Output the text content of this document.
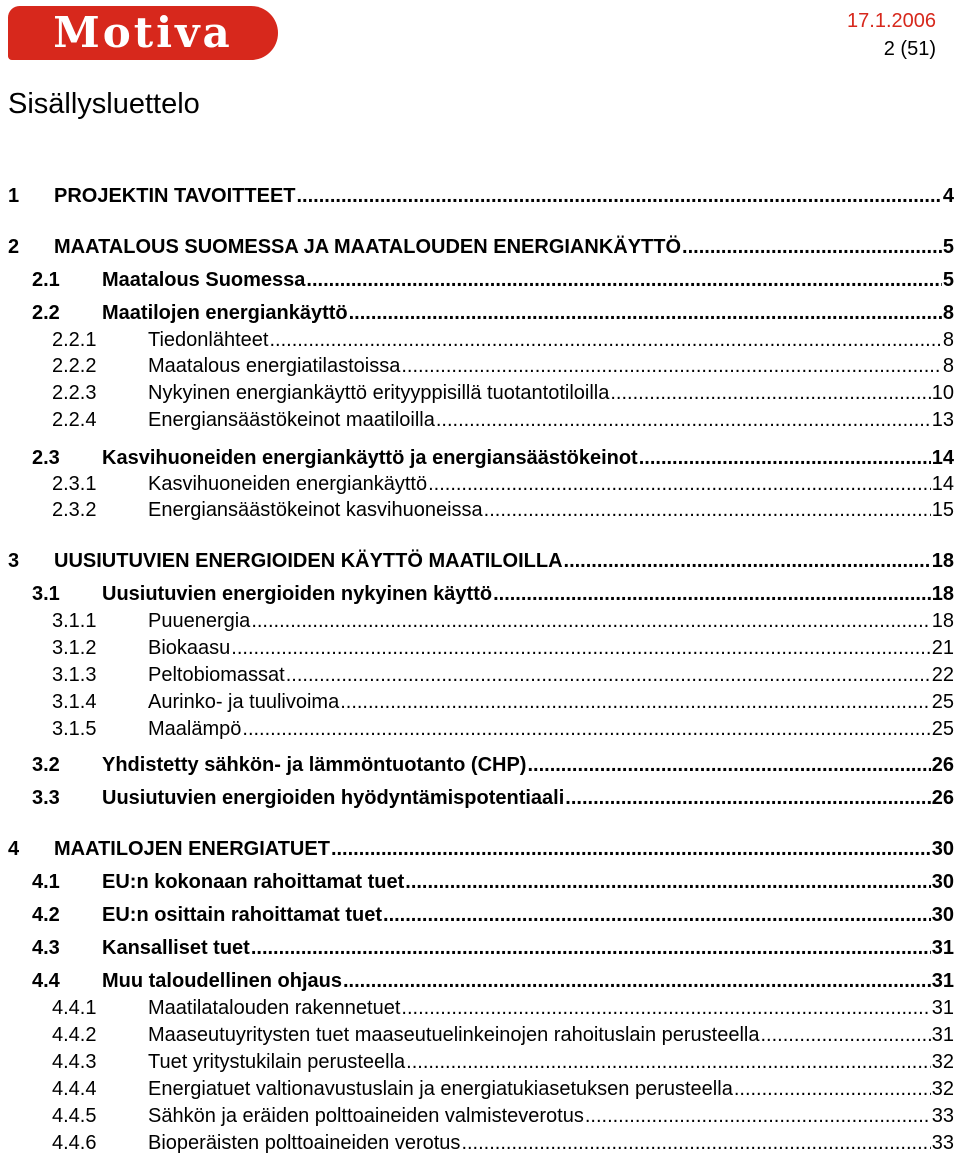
Motiva	17.1.2006
2 (51)
Sisällysluettelo
1	PROJEKTIN TAVOITTEET .....	4
2	MAATALOUS SUOMESSA JA MAATALOUDEN ENERGIANKÄYTTÖ .....	5
2.1	Maatalous Suomessa .....	5
2.2	Maatilojen energiankäyttö .....	8
2.2.1	Tiedonlähteet .....	8
2.2.2	Maatalous energiatilastoissa .....	8
2.2.3	Nykyinen energiankäyttö erityyppisillä tuotantotiloilla .....	10
2.2.4	Energiansäästökeinot maatiloilla .....	13
2.3	Kasvihuoneiden energiankäyttö ja energiansäästökeinot .....	14
2.3.1	Kasvihuoneiden energiankäyttö .....	14
2.3.2	Energiansäästökeinot kasvihuoneissa .....	15
3	UUSIUTUVIEN ENERGIOIDEN KÄYTTÖ MAATILOILLA .....	18
3.1	Uusiutuvien energioiden nykyinen käyttö .....	18
3.1.1	Puuenergia .....	18
3.1.2	Biokaasu .....	21
3.1.3	Peltobiomassat .....	22
3.1.4	Aurinko- ja tuulivoima .....	25
3.1.5	Maalämpö .....	25
3.2	Yhdistetty sähkön- ja lämmöntuotanto (CHP) .....	26
3.3	Uusiutuvien energioiden hyödyntämispotentiaali .....	26
4	MAATILOJEN ENERGIATUET .....	30
4.1	EU:n kokonaan rahoittamat tuet .....	30
4.2	EU:n osittain rahoittamat tuet .....	30
4.3	Kansalliset tuet .....	31
4.4	Muu taloudellinen ohjaus .....	31
4.4.1	Maatilatalouden rakennetuet .....	31
4.4.2	Maaseutuyritysten tuet maaseutuelinkeinojen rahoituslain perusteella .....	31
4.4.3	Tuet yritystukilain perusteella .....	32
4.4.4	Energiatuet valtionavustuslain ja energiatukiasetuksen perusteella .....	32
4.4.5	Sähkön ja eräiden polttoaineiden valmisteverotus .....	33
4.4.6	Bioperäisten polttoaineiden verotus .....	33
